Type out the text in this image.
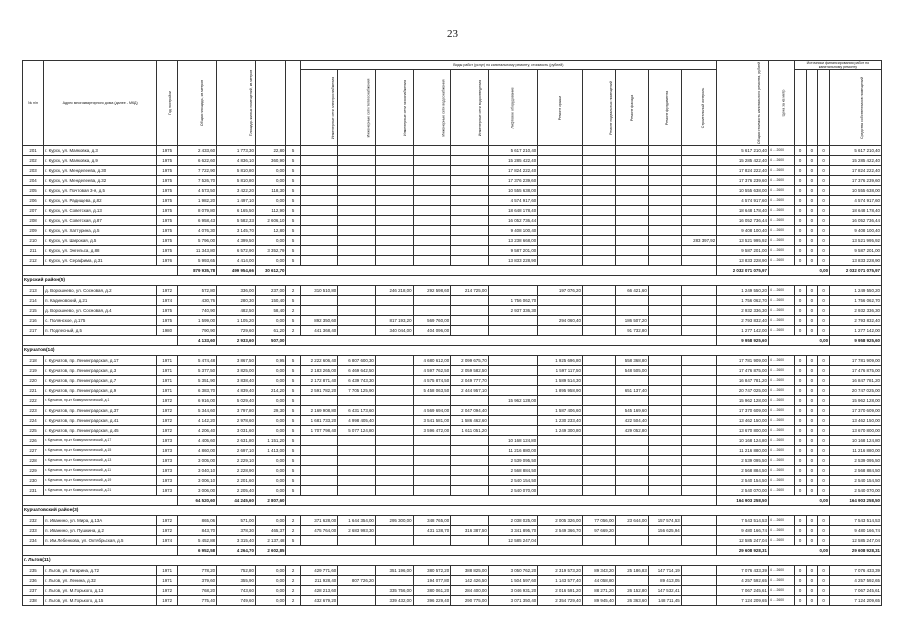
23
№ п/п	Адрес многоквартирного дома (далее - МКД)	Год постройки	Общая площадь, кв.метров	Площадь жилых помещений, кв.метров			Виды работ (услуг) по капитальному ремонту, стоимость (рублей)											Общая стоимость капитального ремонта, рублей	Цена за кв.метр	Источники финансирования работ по капитальному ремонту			
							Инженерные сети электроснабжения	Инженерные сети теплоснабжения	Инженерные сети газоснабжения	Инженерные сети водоснабжения	Инженерные сети водоотведения	Лифтовое оборудование	Ремонт крыши	Ремонт подвальных помещений	Ремонт фасада	Ремонт фундамента	Строительный контроль						Средства собственников помещений
201	г. Курск, ул. Маяковка, д.3	1975	2 433,60	1 773,30	22,80	5						5 617 210,40						5 617 210,40	4 ... 2000	0	0	0	5 617 210,40
202	г. Курск, ул. Маяковка, д.9	1975	6 622,60	4 836,10	360,90	5						15 285 422,40						15 285 422,40	4 ... 2600	0	0	0	15 285 422,40
203	г. Курск, ул. Менделеева, д.30	1975	7 722,90	5 810,80	0,00	5						17 824 222,40						17 824 222,40	4 ... 2600	0	0	0	17 824 222,40
204	г. Курск, ул. Менделеева, д.32	1975	7 526,70	5 810,80	0,00	5						17 376 239,60						17 376 239,60	4 ... 2600	0	0	0	17 376 239,60
205	г. Курск, ул. Почтовая 3-я, д.5	1975	4 573,50	3 422,20	118,30	5						10 555 638,00						10 555 638,00	4 ... 2600	0	0	0	10 555 638,00
206	г. Курск, ул. Радищева, д.82	1975	1 982,20	1 497,10	0,00	5						4 574 917,60						4 574 917,60	4 ... 2600	0	0	0	4 574 917,60
207	г. Курск, ул. Советская, д.13	1975	8 079,80	6 165,50	112,90	5						18 648 178,40						18 648 178,40	4 ... 2600	0	0	0	18 648 178,40
208	г. Курск, ул. Советская, д.87	1975	6 958,43	5 582,33	2 606,10	5						16 052 736,44						16 052 736,44	4 ... 2600	0	0	0	16 052 736,44
209	г. Курск, ул. Хаттурина, д.5	1975	4 076,30	3 145,70	12,80	5						9 408 100,40						9 408 100,40	4 ... 2600	0	0	0	9 408 100,40
210	г. Курск, ул. Широкая, д.5	1975	5 796,00	4 399,50	0,00	5						13 238 668,00					283 397,92	13 521 995,92	4 ... 2600	0	0	0	13 521 995,92
211	г. Курск, ул. Энгельса, д.88	1975	11 343,80	6 572,90	3 352,79	5						9 587 201,00						9 587 201,00	4 ... 2600	0	0	0	9 587 201,00
212	г. Курск, ул. Серафима, д.31	1976	5 993,65	4 414,00	0,00	5						13 833 228,90						13 833 228,90	4 ... 2600	0	0	0	13 833 228,90
			879 935,78	499 954,66	30 612,70													2 032 071 075,97	0,00				2 032 071 075,97
Курский район(5)																							
213	д. Ворошнево, ул. Сосновая, д.2	1972	572,80	336,00	237,00	2	310 510,80		246 218,00	292 598,60	214 725,00		197 076,20		66 421,60			1 249 550,20	4 ... 2600	0	0	0	1 249 550,20
214	п. Кадиновский, д.21	1974	430,76	280,30	150,40	5						1 756 062,70						1 756 062,70	4 ... 2600	0	0	0	1 756 062,70
215	д. Ворошнево, ул. Сосновая, д.4	1975	740,90	482,50	58,40	2						2 937 336,30						2 932 336,30	4 ... 2600	0	0	0	2 932 336,30
216	с. Полянское, д.175	1975	1 599,00	1 105,20	0,00	5	892 350,60		817 193,20	569 760,00			294 060,40		186 507,20			2 793 832,40	4 ... 2600	0	0	0	2 793 832,40
217	п. Подлесный, д.5	1980	790,90	729,60	61,20	2	441 368,40		340 044,00	404 096,00					91 732,80			1 277 142,00	4 ... 2600	0	0	0	1 277 142,00
			4 133,60	2 933,60	507,00													9 958 925,60	0,00				9 958 925,60
Курчатов(14)																							
218	г. Курчатов, пр. Ленинградская, д.17	1971	5 474,48	3 867,50	0,95	5	2 222 606,40	6 807 600,30		4 680 612,00	2 099 675,70		1 925 696,80		558 368,80			17 781 909,00	4 ... 2600	0	0	0	17 781 909,00
219	г. Курчатов, пр. Ленинградская, д.3	1971	5 377,50	3 825,00	0,00	5	2 183 265,00	6 469 642,50		4 597 762,50	2 059 582,50		1 597 117,50		548 505,00			17 476 875,00	4 ... 2600	0	0	0	17 476 875,00
220	г. Курчатов, пр. Ленинградская, д.7	1971	5 351,90	3 838,40	0,00	5	2 172 871,40	6 439 743,30		4 575 874,50	2 049 777,70		1 589 514,30					16 847 781,20	4 ... 2600	0	0	0	16 847 781,20
221	г. Курчатов, пр. Ленинградская, д.9	1971	6 383,70	4 839,40	214,20	5	2 591 782,20	7 705 125,90		5 458 063,50	2 444 957,10		1 895 958,90		651 137,40			20 747 025,00	4 ... 2600	0	0	0	20 747 025,00
222	г. Курчатов, пр-кт Коммунистический, д.1	1972	6 916,00	5 029,40	0,00	5						15 962 128,00						15 962 128,00	4 ... 2600	0	0	0	15 962 128,00
223	г. Курчатов, пр. Ленинградская, д.37	1972	5 344,60	3 797,80	29,30	5	2 169 908,80	6 431 173,60		4 569 694,00	2 047 094,40		1 587 406,60		545 169,60			17 370 609,00	4 ... 2600	0	0	0	17 370 609,00
224	г. Курчатов, пр. Ленинградская, д.41	1972	4 142,20	2 978,60	0,00	5	1 681 733,20	4 998 405,40		3 541 581,00	1 586 462,60		1 230 233,40		422 504,40			13 462 150,00	4 ... 2600	0	0	0	13 462 150,00
225	г. Курчатов, пр. Ленинградская, д.45	1972	4 206,40	3 031,60	0,00	5	1 707 798,40	5 077 124,80		3 596 472,00	1 611 051,20		1 249 300,80		429 052,80			13 670 800,00	4 ... 2600	0	0	0	13 670 800,00
226	г. Курчатов, пр-кт Коммунистический, д.17	1973	4 405,60	2 631,80	1 151,20	5						10 168 124,80						10 168 124,80	4 ... 2600	0	0	0	10 168 124,80
227	г. Курчатов, пр-кт Коммунистический, д.15	1973	4 860,00	2 697,10	1 413,00	5						11 216 880,00						11 216 880,00	4 ... 2600	0	0	0	11 216 880,00
228	г. Курчатов, пр-кт Коммунистический, д.13	1973	3 005,00	2 229,10	0,00	5						2 539 095,50						2 539 095,50	4 ... 2600	0	0	0	2 539 095,50
229	г. Курчатов, пр-кт Коммунистический, д.11	1973	3 040,10	2 228,90	0,00	5						2 568 884,50						2 568 884,50	4 ... 2600	0	0	0	2 568 884,50
230	г. Курчатов, пр-кт Коммунистический, д.19	1973	3 006,10	2 201,60	0,00	5						2 540 154,50						2 540 154,50	4 ... 2600	0	0	0	2 540 154,50
231	г. Курчатов, пр-кт Коммунистический, д.21	1973	3 006,00	2 205,40	0,00	5						2 540 070,00						2 540 070,00	4 ... 2600	0	0	0	2 540 070,00
			64 520,60	44 245,60	2 807,60													164 903 258,50	0,00				164 903 258,50
Курчатовский район(3)																							
232	п. Иванино, ул. Мира, д.13А	1972	865,06	571,00	0,00	2	371 628,00	1 644 354,00	295 300,00	348 765,00		2 038 025,00	2 005 326,00	77 056,00	23 644,00	157 574,53		7 543 514,53	4 ... 2600	0	0	0	7 543 514,53
233	п. Иванино, ул. Пушкина, д.2	1972	843,70	378,30	465,37	2	475 764,00	2 683 993,30		431 138,70	316 387,50	3 341 895,70	2 549 366,70	97 669,20		156 625,94		9 480 166,74	4 ... 2600	0	0	0	9 480 166,74
234	п. Им.Лебенкова, ул. Октябрьская, д.5	1974	5 452,88	3 315,40	2 137,48	5						12 585 247,04						12 585 247,04	4 ... 2600	0	0	0	12 585 247,04
			6 952,58	4 264,70	2 602,85													29 608 928,31	0,00				29 608 928,31
г. Льгов(11)																							
235	г. Льгов, ул. Гагарина, д.72	1971	778,20	752,80	0,00	2	429 771,60		351 196,00	380 572,20	388 825,00	3 050 762,20	2 319 573,20	89 343,20	25 186,83	147 714,19		7 076 433,39	4 ... 2600	0	0	0	7 076 433,39
236	г. Льгов, ул. Ленина, д.32	1971	379,60	355,90	0,00	2	211 928,40	807 726,20		194 077,80	142 426,50	1 504 597,60	1 143 577,40	44 058,80		89 413,05		4 257 592,65	4 ... 2600	0	0	0	4 257 592,65
237	г. Льгов, ул. М.Горького, д.13	1972	768,20	743,60	0,00	2	428 213,60		335 756,00	380 061,20	284 400,00	3 046 931,20	2 016 591,20	88 271,20	26 152,80	147 532,41		7 067 245,61	4 ... 2600	0	0	0	7 067 245,61
238	г. Льгов, ул. М.Горького, д.15	1972	775,40	749,60	0,00	2	432 679,20		339 432,00	396 229,40	290 775,00	3 071 350,40	2 354 729,40	89 945,40	26 363,60	148 711,45		7 124 209,65	4 ... 2600	0	0	0	7 124 209,65
